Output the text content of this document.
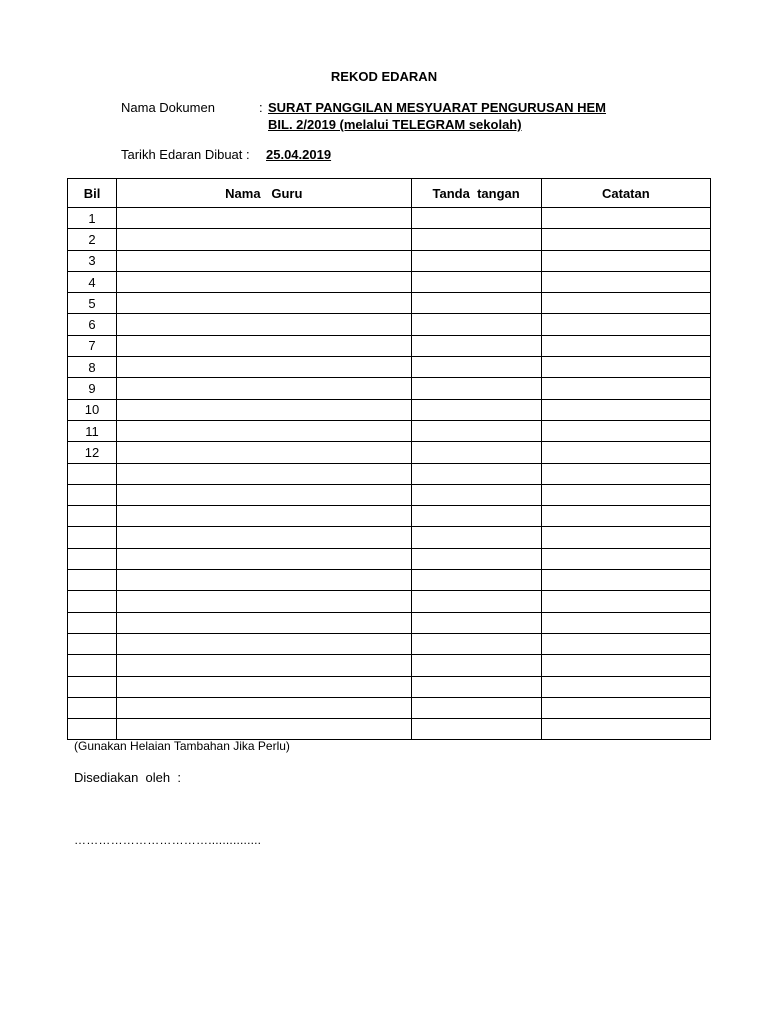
REKOD EDARAN
Nama Dokumen	: SURAT PANGGILAN MESYUARAT PENGURUSAN HEM
BIL. 2/2019 (melalui TELEGRAM sekolah)
Tarikh Edaran Dibuat : 25.04.2019
Bil	Nama   Guru	Tanda  tangan	Catatan
1			
2			
3			
4			
5			
6			
7			
8			
9			
10			
11			
12			

(Gunakan Helaian Tambahan Jika Perlu)
Disediakan  oleh  :
……………………………...............
